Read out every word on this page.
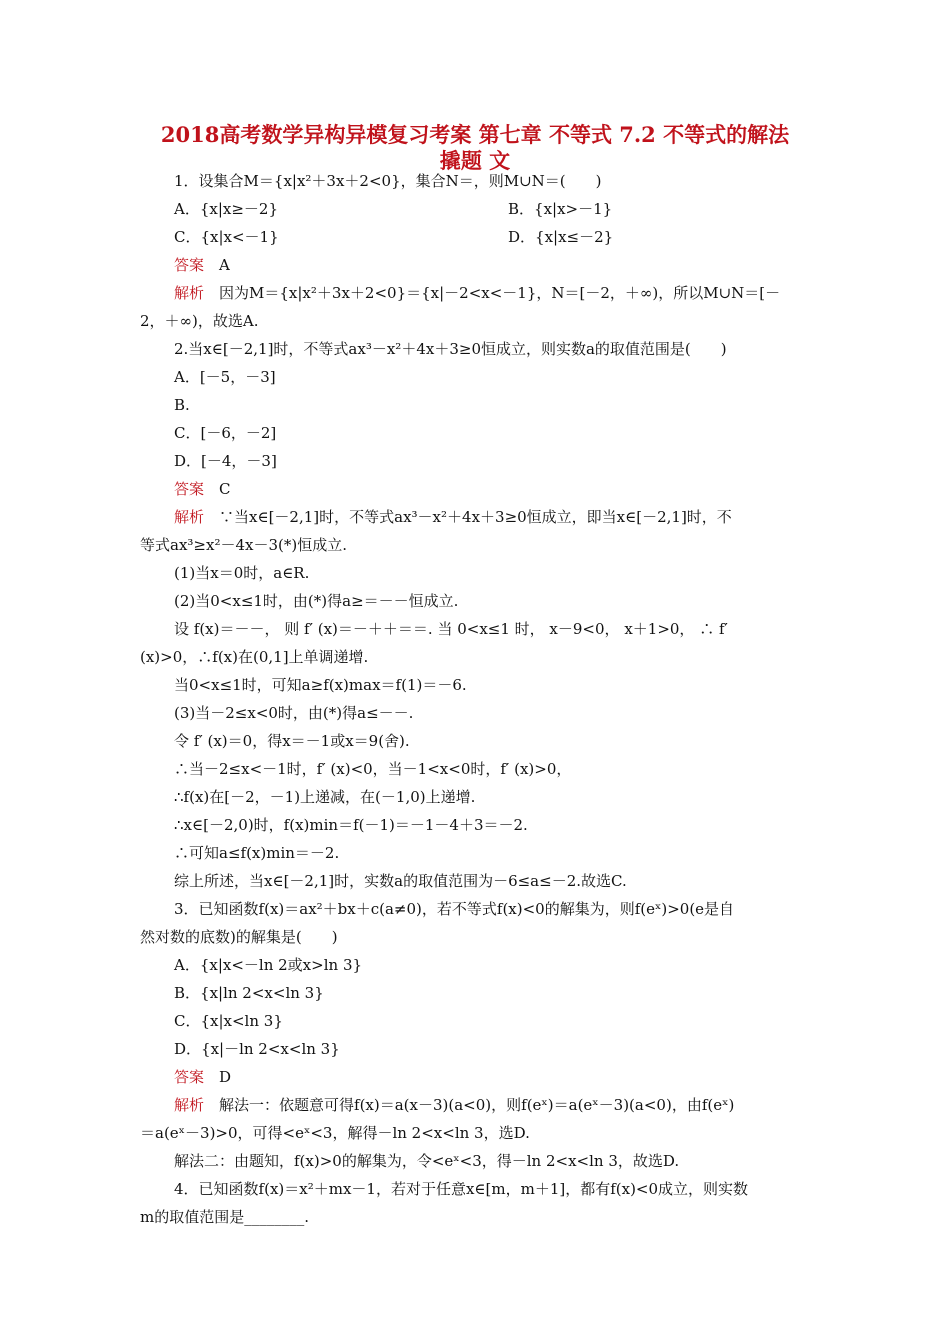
2018高考数学异构异模复习考案 第七章 不等式 7.2 不等式的解法
撬题 文
1．设集合M＝{x|x²＋3x＋2<0}，集合N＝，则M∪N＝(　　)
A．{x|x≥－2}	B．{x|x>－1}
C．{x|x<－1}	D．{x|x≤－2}
答案  A
解析  因为M＝{x|x²＋3x＋2<0}＝{x|－2<x<－1}，N＝[－2，＋∞)，所以M∪N＝[－
2，＋∞)，故选A.
2.当x∈[－2,1]时，不等式ax³－x²＋4x＋3≥0恒成立，则实数a的取值范围是(　　)
A．[－5，－3]
B.
C．[－6，－2]
D．[－4，－3]
答案  C
解析  ∵当x∈[－2,1]时，不等式ax³－x²＋4x＋3≥0恒成立，即当x∈[－2,1]时，不
等式ax³≥x²－4x－3(*)恒成立.
(1)当x＝0时，a∈R.
(2)当0<x≤1时，由(*)得a≥＝－－恒成立.
设 f(x)＝－－， 则 f′ (x)＝－＋＋＝＝. 当 0<x≤1 时， x－9<0， x＋1>0， ∴ f′
(x)>0，∴f(x)在(0,1]上单调递增.
当0<x≤1时，可知a≥f(x)max＝f(1)＝－6.
(3)当－2≤x<0时，由(*)得a≤－－.
令 f′ (x)＝0，得x＝－1或x＝9(舍).
∴当－2≤x<－1时，f′ (x)<0，当－1<x<0时，f′ (x)>0，
∴f(x)在[－2，－1)上递减，在(－1,0)上递增.
∴x∈[－2,0)时，f(x)min＝f(－1)＝－1－4＋3＝－2.
∴可知a≤f(x)min＝－2.
综上所述，当x∈[－2,1]时，实数a的取值范围为－6≤a≤－2.故选C.
3．已知函数f(x)＝ax²＋bx＋c(a≠0)，若不等式f(x)<0的解集为，则f(eˣ)>0(e是自
然对数的底数)的解集是(　　)
A．{x|x<－ln 2或x>ln 3}
B．{x|ln 2<x<ln 3}
C．{x|x<ln 3}
D．{x|－ln 2<x<ln 3}
答案  D
解析  解法一：依题意可得f(x)＝a(x－3)(a<0)，则f(eˣ)＝a(eˣ－3)(a<0)，由f(eˣ)
＝a(eˣ－3)>0，可得<eˣ<3，解得－ln 2<x<ln 3，选D.
解法二：由题知，f(x)>0的解集为，令<eˣ<3，得－ln 2<x<ln 3，故选D.
4．已知函数f(x)＝x²＋mx－1，若对于任意x∈[m，m＋1]，都有f(x)<0成立，则实数
m的取值范围是________.
